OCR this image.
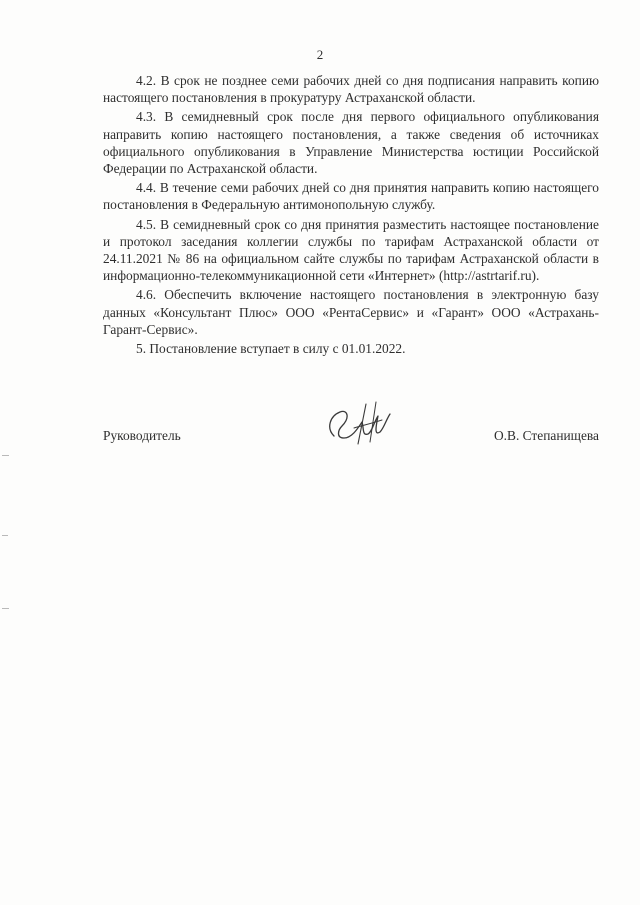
2

4.2. В срок не позднее семи рабочих дней со дня подписания направить копию настоящего постановления в прокуратуру Астраханской области.

4.3. В семидневный срок после дня первого официального опубликования направить копию настоящего постановления, а также сведения об источниках официального опубликования в Управление Министерства юстиции Российской Федерации по Астраханской области.

4.4. В течение семи рабочих дней со дня принятия направить копию настоящего постановления в Федеральную антимонопольную службу.

4.5. В семидневный срок со дня принятия разместить настоящее постановление и протокол заседания коллегии службы по тарифам Астраханской области от 24.11.2021 № 86 на официальном сайте службы по тарифам Астраханской области в информационно-телекоммуникационной сети «Интернет» (http://astrtarif.ru).

4.6. Обеспечить включение настоящего постановления в электронную базу данных «Консультант Плюс» ООО «РентаСервис» и «Гарант» ООО «Астрахань-Гарант-Сервис».

5. Постановление вступает в силу с 01.01.2022.

Руководитель	О.В. Степанищева
